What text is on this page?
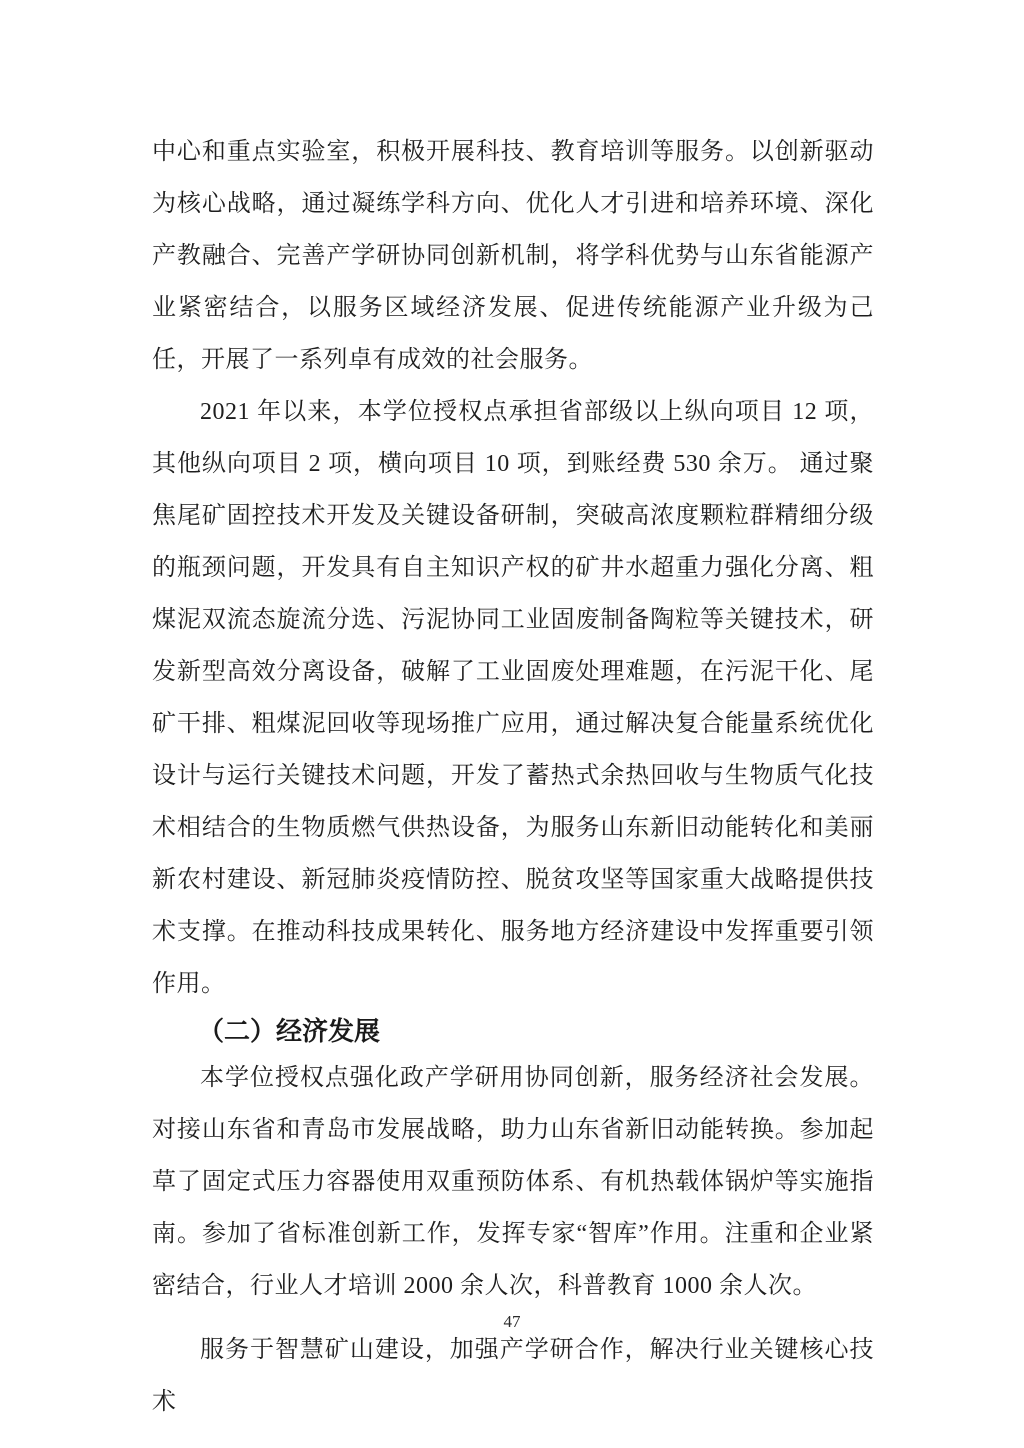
中心和重点实验室，积极开展科技、教育培训等服务。以创新驱动为核心战略，通过凝练学科方向、优化人才引进和培养环境、深化产教融合、完善产学研协同创新机制，将学科优势与山东省能源产业紧密结合，以服务区域经济发展、促进传统能源产业升级为己任，开展了一系列卓有成效的社会服务。

2021 年以来，本学位授权点承担省部级以上纵向项目 12 项，其他纵向项目 2 项，横向项目 10 项，到账经费 530 余万。 通过聚焦尾矿固控技术开发及关键设备研制，突破高浓度颗粒群精细分级的瓶颈问题，开发具有自主知识产权的矿井水超重力强化分离、粗煤泥双流态旋流分选、污泥协同工业固废制备陶粒等关键技术，研发新型高效分离设备，破解了工业固废处理难题，在污泥干化、尾矿干排、粗煤泥回收等现场推广应用，通过解决复合能量系统优化设计与运行关键技术问题，开发了蓄热式余热回收与生物质气化技术相结合的生物质燃气供热设备，为服务山东新旧动能转化和美丽新农村建设、新冠肺炎疫情防控、脱贫攻坚等国家重大战略提供技术支撑。在推动科技成果转化、服务地方经济建设中发挥重要引领作用。

（二）经济发展

本学位授权点强化政产学研用协同创新，服务经济社会发展。对接山东省和青岛市发展战略，助力山东省新旧动能转换。参加起草了固定式压力容器使用双重预防体系、有机热载体锅炉等实施指南。参加了省标准创新工作，发挥专家“智库”作用。注重和企业紧密结合，行业人才培训 2000 余人次，科普教育 1000 余人次。

服务于智慧矿山建设，加强产学研合作，解决行业关键核心技术

47
